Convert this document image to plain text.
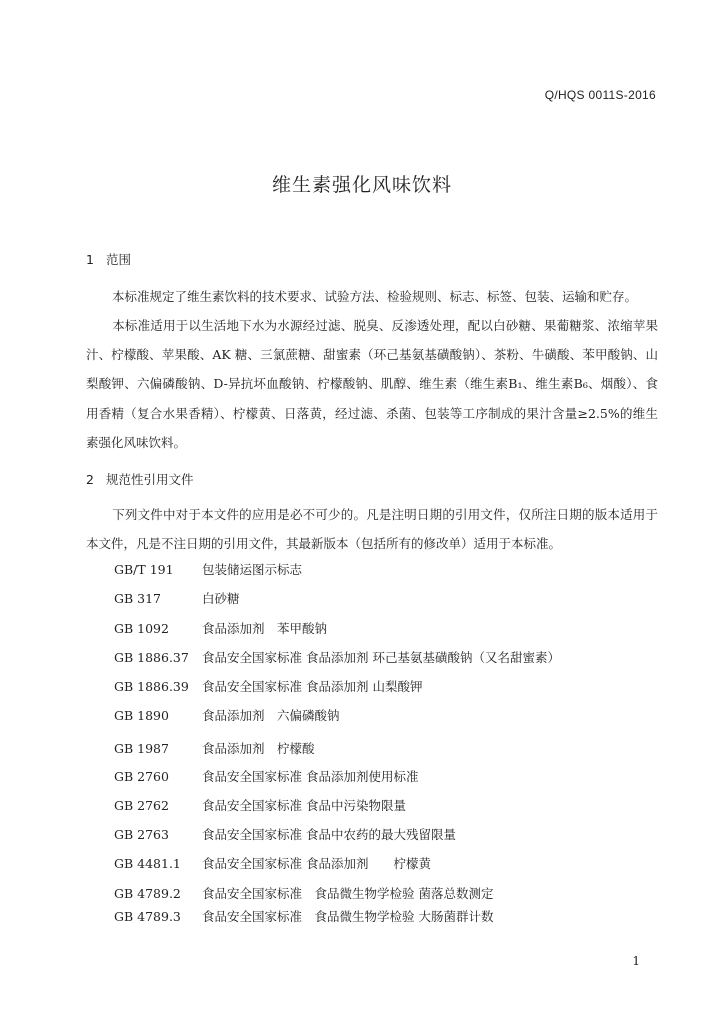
Q/HQS 0011S-2016
维生素强化风味饮料
1 范围
本标准规定了维生素饮料的技术要求、试验方法、检验规则、标志、标签、包装、运输和贮存。
本标准适用于以生活地下水为水源经过滤、脱臭、反渗透处理，配以白砂糖、果葡糖浆、浓缩苹果汁、柠檬酸、苹果酸、AK 糖、三氯蔗糖、甜蜜素（环己基氨基磺酸钠）、茶粉、牛磺酸、苯甲酸钠、山梨酸钾、六偏磷酸钠、D-异抗坏血酸钠、柠檬酸钠、肌醇、维生素（维生素B₁、维生素B₆、烟酸）、食用香精（复合水果香精）、柠檬黄、日落黄，经过滤、杀菌、包装等工序制成的果汁含量≥2.5%的维生素强化风味饮料。
2 规范性引用文件
下列文件中对于本文件的应用是必不可少的。凡是注明日期的引用文件，仅所注日期的版本适用于本文件，凡是不注日期的引用文件，其最新版本（包括所有的修改单）适用于本标准。
GB/T 191 包装储运图示标志
GB 317	白砂糖
GB 1092	食品添加剂　苯甲酸钠
GB 1886.37 食品安全国家标准 食品添加剂 环己基氨基磺酸钠（又名甜蜜素）
GB 1886.39 食品安全国家标准 食品添加剂 山梨酸钾
GB 1890	食品添加剂　六偏磷酸钠
GB 1987	食品添加剂　柠檬酸
GB 2760	食品安全国家标准 食品添加剂使用标准
GB 2762	食品安全国家标准 食品中污染物限量
GB 2763	食品安全国家标准 食品中农药的最大残留限量
GB 4481.1 食品安全国家标准 食品添加剂　　柠檬黄
GB 4789.2 食品安全国家标准　食品微生物学检验 菌落总数测定
GB 4789.3 食品安全国家标准　食品微生物学检验 大肠菌群计数
1
